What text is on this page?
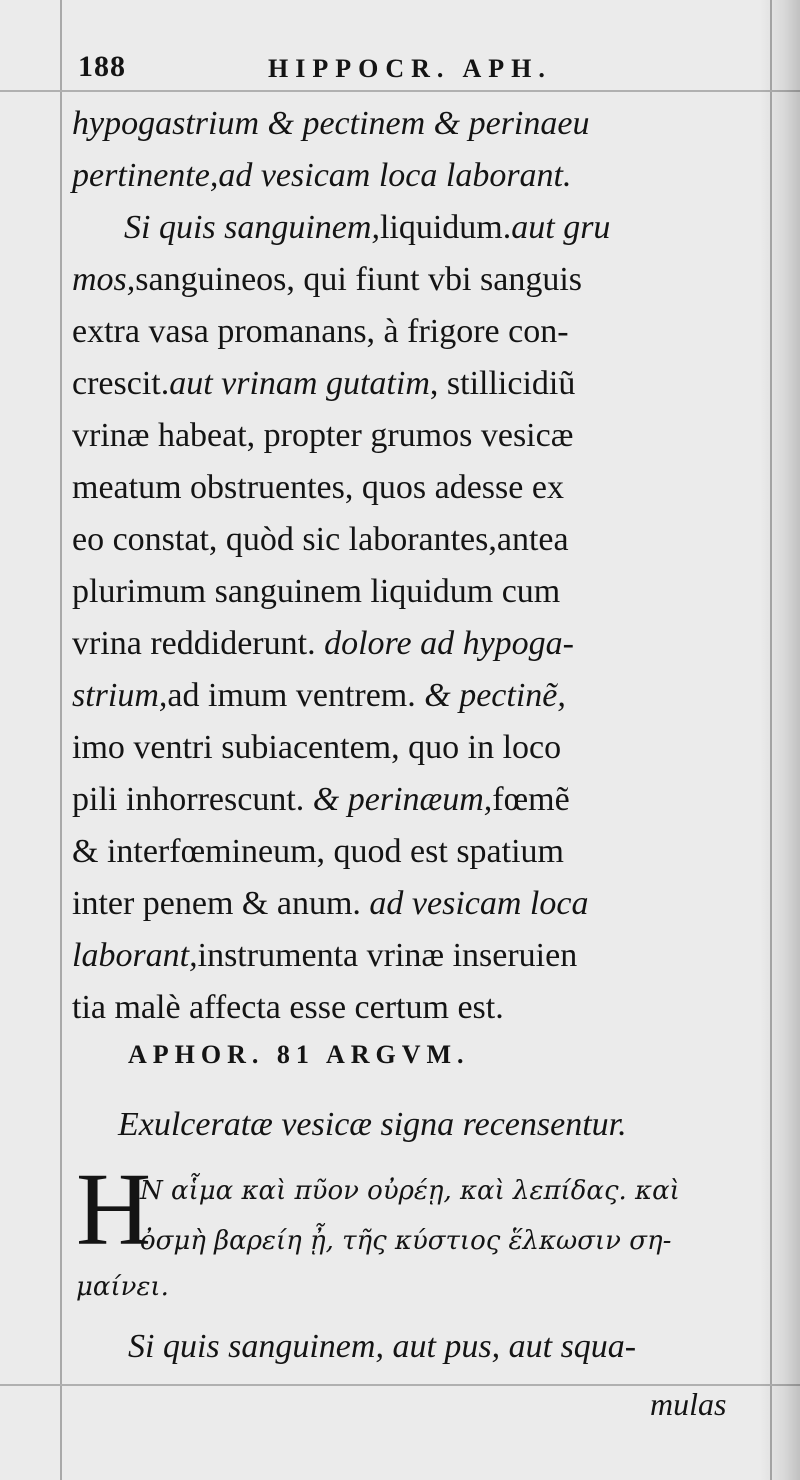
188	HIPPOCR. APH.
hypogastrium & pectinem & perinaeu
pertinente,ad vesicam loca laborant.
Si quis sanguinem,liquidum.aut gru
mos,sanguineos, qui fiunt vbi sanguis
extra vasa promanans, à frigore con-
crescit.aut vrinam gutatim, stillicidiũ
vrinæ habeat, propter grumos vesicæ
meatum obstruentes, quos adesse ex
eo constat, quòd sic laborantes,antea
plurimum sanguinem liquidum cum
vrina reddiderunt. dolore ad hypoga-
strium,ad imum ventrem. & pectinẽ,
imo ventri subiacentem, quo in loco
pili inhorrescunt. & perinæum,fœmẽ
& interfœmineum, quod est spatium
inter penem & anum. ad vesicam loca
laborant,instrumenta vrinæ inseruien
tia malè affecta esse certum est.
APHOR. 81 ARGVM.
Exulceratæ vesicæ signa recensentur.
H
Ν αἷμα καὶ πῦον οὐρέῃ, καὶ λεπίδας. καὶ
ὀσμὴ βαρείη ᾖ, τῆς κύστιος ἕλκωσιν ση-
μαίνει.
Si quis sanguinem, aut pus, aut squa-
mulas
